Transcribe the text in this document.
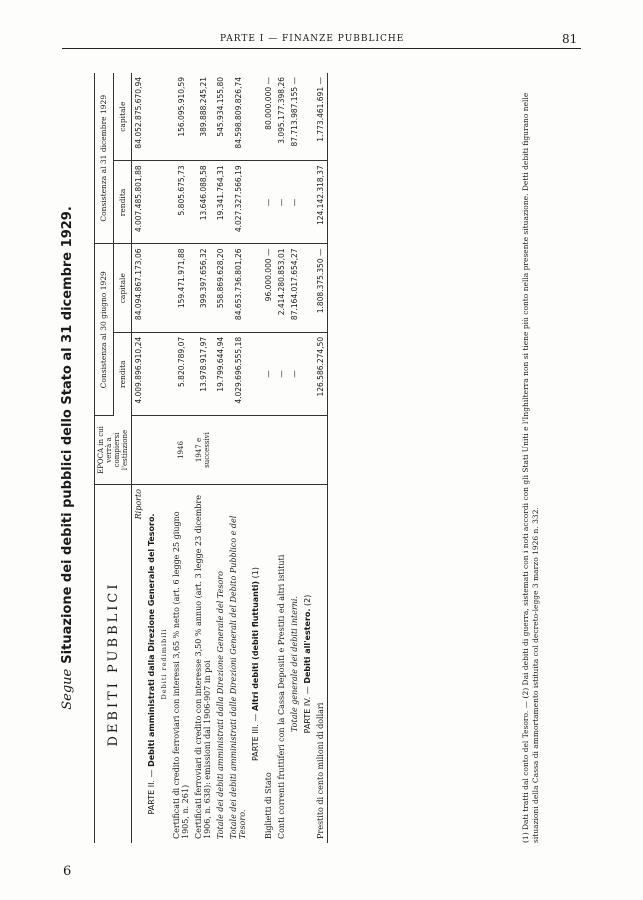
PARTE I — FINANZE PUBBLICHE	81
6
Segue Situazione dei debiti pubblici dello Stato al 31 dicembre 1929.
DEBITI PUBBLICI	EPOCA in cui verrà a compiersi l'estinzione	Consistenza al 30 giugno 1929		Consistenza al 31 dicembre 1929	
		rendita	capitale	rendita	capitale
Riporto		4.009.896.910,24	84.094.867.173,06	4.007.485.801,88	84.052.875.670,94
PARTE II. — Debiti amministrati dalla Direzione Generale del Tesoro.					
Debiti redimibili					
Certificati di credito ferroviari con interessi 3,65 % netto (art. 6 legge 25 giugno 1905, n. 261)	1946	5.820.789,07	159.471.971,88	5.805.675,73	156.095.910,59
Certificati ferroviari di credito con interesse 3,50 % annuo (art. 3 legge 23 dicembre 1906, n. 638): emissioni dal 1906-907 in poi	1947 e successivi	13.978.917,97	399.397.656,32	13.646.088,58	389.888.245,21
Totale dei debiti amministrati dalla Direzione Generale del Tesoro		19.799.644,94	558.869.628,20	19.341.764,31	545.934.155,80
Totale dei debiti amministrati dalle Direzioni Generali del Debito Pubblico e del Tesoro.		4.029.696.555,18	84.653.736.801,26	4.027.327.566,19	84.598.809.826,74
PARTE III. — Altri debiti (debiti fluttuanti) (1)					
Biglietti di Stato		—	96.000.000 —	—	80.000.000 —
Conti correnti fruttiferi con la Cassa Depositi e Prestiti ed altri istituti		—	2.414.280.853,01	—	3.095.177.398,26
Totale generale dei debiti interni.		—	87.164.017.654,27	—	87.713.987.155 —
PARTE IV. — Debiti all'estero. (2)					
Prestito di cento milioni di dollari		126.586.274,50	1.808.375.350 —	124.142.318,37	1.773.461.691 —	(1) Dati tratti dal conto del Tesoro. — (2) Dai debiti di guerra, sistemati con i noti accordi con gli Stati Uniti e l'Inghilterra non si tiene più conto nella presente situazione. Detti debiti figurano nelle situazioni della Cassa di ammortamento istituita col decreto-legge 3 marzo 1926 n. 332.
